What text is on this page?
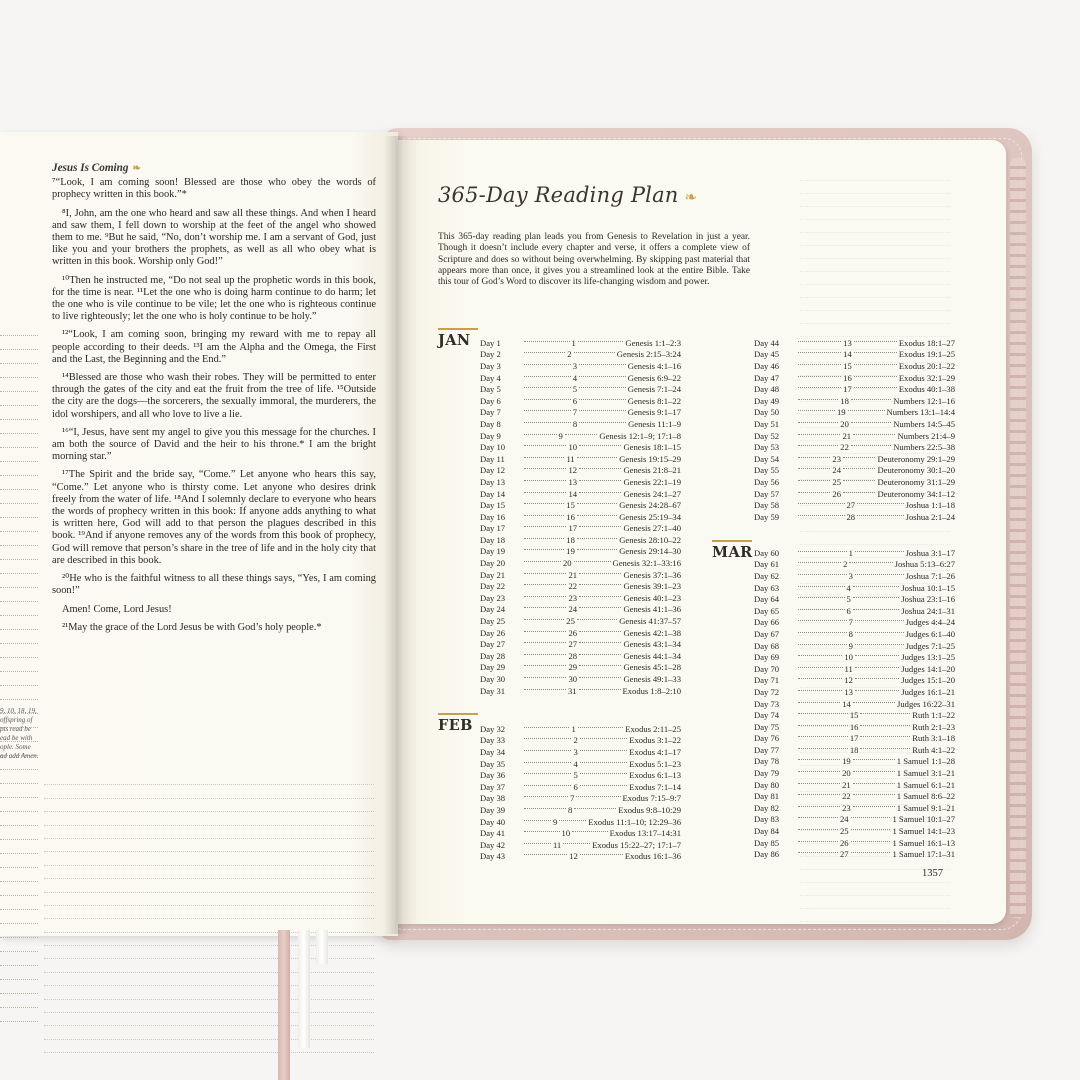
9, 10, 18, 19,
offspring of
pts read be
ead be with
ople. Some
ad add Amen.
Jesus Is Coming ❧

⁷“Look, I am coming soon! Blessed are those who obey the words of prophecy written in this book.”*

⁸I, John, am the one who heard and saw all these things. And when I heard and saw them, I fell down to worship at the feet of the angel who showed them to me. ⁹But he said, “No, don’t worship me. I am a servant of God, just like you and your brothers the prophets, as well as all who obey what is written in this book. Worship only God!”

¹⁰Then he instructed me, “Do not seal up the prophetic words in this book, for the time is near. ¹¹Let the one who is doing harm continue to do harm; let the one who is vile continue to be vile; let the one who is righteous continue to live righteously; let the one who is holy continue to be holy.”

¹²“Look, I am coming soon, bringing my reward with me to repay all people according to their deeds. ¹³I am the Alpha and the Omega, the First and the Last, the Beginning and the End.”

¹⁴Blessed are those who wash their robes. They will be permitted to enter through the gates of the city and eat the fruit from the tree of life. ¹⁵Outside the city are the dogs—the sorcerers, the sexually immoral, the murderers, the idol worshipers, and all who love to live a lie.

¹⁶“I, Jesus, have sent my angel to give you this message for the churches. I am both the source of David and the heir to his throne.* I am the bright morning star.”

¹⁷The Spirit and the bride say, “Come.” Let anyone who hears this say, “Come.” Let anyone who is thirsty come. Let anyone who desires drink freely from the water of life. ¹⁸And I solemnly declare to everyone who hears the words of prophecy written in this book: If anyone adds anything to what is written here, God will add to that person the plagues described in this book. ¹⁹And if anyone removes any of the words from this book of prophecy, God will remove that person’s share in the tree of life and in the holy city that are described in this book.

²⁰He who is the faithful witness to all these things says, “Yes, I am coming soon!”

Amen! Come, Lord Jesus!

²¹May the grace of the Lord Jesus be with God’s holy people.*

365-Day Reading Plan ❧
This 365-day reading plan leads you from Genesis to Revelation in just a year. Though it doesn’t include every chapter and verse, it offers a complete view of Scripture and does so without being overwhelming. By skipping past material that appears more than once, it gives you a streamlined look at the entire Bible. Take this tour of God’s Word to discover its life-changing wisdom and power.
JAN	Day 1	1	Genesis 1:1–2:3
Day 2	2	Genesis 2:15–3:24
Day 3	3	Genesis 4:1–16
Day 4	4	Genesis 6:9–22
Day 5	5	Genesis 7:1–24
Day 6	6	Genesis 8:1–22
Day 7	7	Genesis 9:1–17
Day 8	8	Genesis 11:1–9
Day 9	9	Genesis 12:1–9; 17:1–8
Day 10	10	Genesis 18:1–15
Day 11	11	Genesis 19:15–29
Day 12	12	Genesis 21:8–21
Day 13	13	Genesis 22:1–19
Day 14	14	Genesis 24:1–27
Day 15	15	Genesis 24:28–67
Day 16	16	Genesis 25:19–34
Day 17	17	Genesis 27:1–40
Day 18	18	Genesis 28:10–22
Day 19	19	Genesis 29:14–30
Day 20	20	Genesis 32:1–33:16
Day 21	21	Genesis 37:1–36
Day 22	22	Genesis 39:1–23
Day 23	23	Genesis 40:1–23
Day 24	24	Genesis 41:1–36
Day 25	25	Genesis 41:37–57
Day 26	26	Genesis 42:1–38
Day 27	27	Genesis 43:1–34
Day 28	28	Genesis 44:1–34
Day 29	29	Genesis 45:1–28
Day 30	30	Genesis 49:1–33
Day 31	31	Exodus 1:8–2:10
FEB Day 32	1	Exodus 2:11–25
Day 33	2	Exodus 3:1–22
Day 34	3	Exodus 4:1–17
Day 35	4	Exodus 5:1–23
Day 36	5	Exodus 6:1–13
Day 37	6	Exodus 7:1–14
Day 38	7	Exodus 7:15–9:7
Day 39	8	Exodus 9:8–10:29
Day 40	9	Exodus 11:1–10; 12:29–36
Day 41	10	Exodus 13:17–14:31
Day 42	11	Exodus 15:22–27; 17:1–7
Day 43	12	Exodus 16:1–36
Day 44	13	Exodus 18:1–27
Day 45	14	Exodus 19:1–25
Day 46	15	Exodus 20:1–22
Day 47	16	Exodus 32:1–29
Day 48	17	Exodus 40:1–38
Day 49	18	Numbers 12:1–16
Day 50	19	Numbers 13:1–14:4
Day 51	20	Numbers 14:5–45
Day 52	21	Numbers 21:4–9
Day 53	22	Numbers 22:5–38
Day 54	23	Deuteronomy 29:1–29
Day 55	24	Deuteronomy 30:1–20
Day 56	25	Deuteronomy 31:1–29
Day 57	26	Deuteronomy 34:1–12
Day 58	27	Joshua 1:1–18
Day 59	28	Joshua 2:1–24
MAR Day 60	1	Joshua 3:1–17
Day 61	2	Joshua 5:13–6:27
Day 62	3	Joshua 7:1–26
Day 63	4	Joshua 10:1–15
Day 64	5	Joshua 23:1–16
Day 65	6	Joshua 24:1–31
Day 66	7	Judges 4:4–24
Day 67	8	Judges 6:1–40
Day 68	9	Judges 7:1–25
Day 69	10	Judges 13:1–25
Day 70	11	Judges 14:1–20
Day 71	12	Judges 15:1–20
Day 72	13	Judges 16:1–21
Day 73	14	Judges 16:22–31
Day 74	15	Ruth 1:1–22
Day 75	16	Ruth 2:1–23
Day 76	17	Ruth 3:1–18
Day 77	18	Ruth 4:1–22
Day 78	19	1 Samuel 1:1–28
Day 79	20	1 Samuel 3:1–21
Day 80	21	1 Samuel 6:1–21
Day 81	22	1 Samuel 8:6–22
Day 82	23	1 Samuel 9:1–21
Day 83	24	1 Samuel 10:1–27
Day 84	25	1 Samuel 14:1–23
Day 85	26	1 Samuel 16:1–13
Day 86	27	1 Samuel 17:1–31
1357
